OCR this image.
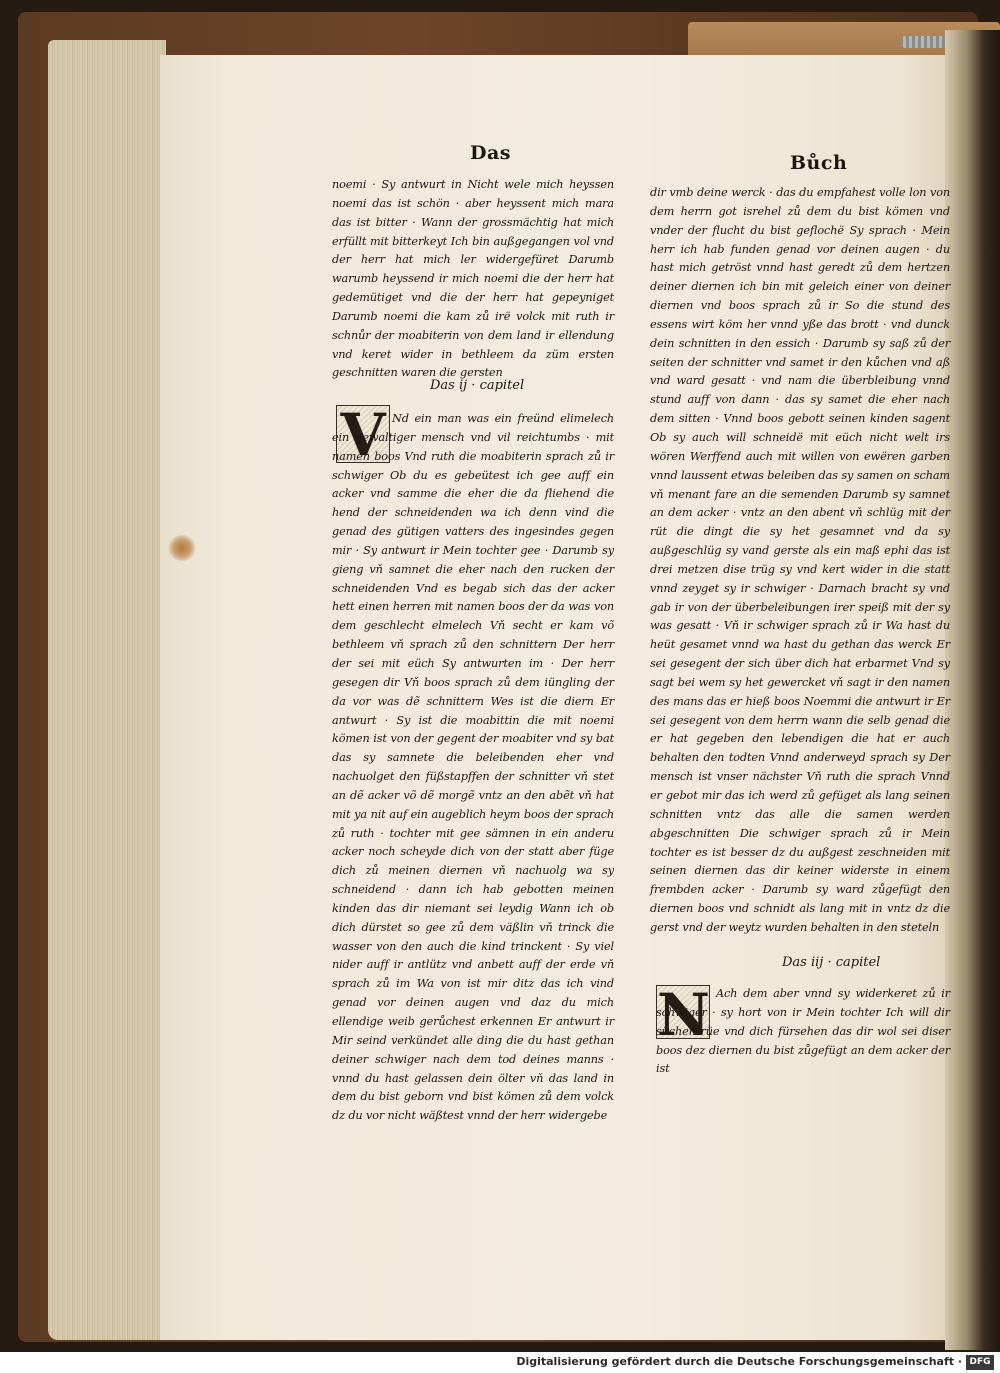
Das	Bůch
noemi · Sy antwurt in Nicht wele mich heyssen noemi das ist schön · aber heyssent mich mara das ist bitter · Wann der grossmächtig hat mich erfüllt mit bitterkeyt Ich bin außgegangen vol vnd der herr hat mich ler widergefüret Darumb warumb heyssend ir mich noemi die der herr hat gedemütiget vnd die der herr hat gepeyniget Darumb noemi die kam zů irë volck mit ruth ir schnůr der moabiterin von dem land ir ellendung vnd keret wider in bethleem da züm ersten geschnitten waren die gersten
Das ij · capitel
V Nd ein man was ein freünd elimelech ein gewaltiger mensch vnd vil reichtumbs · mit namen boos Vnd ruth die moabiterin sprach zů ir schwiger Ob du es gebeütest ich gee auff ein acker vnd samme die eher die da fliehend die hend der schneidenden wa ich denn vind die genad des gütigen vatters des ingesindes gegen mir · Sy antwurt ir Mein tochter gee · Darumb sy gieng vň samnet die eher nach den rucken der schneidenden Vnd es begab sich das der acker hett einen herren mit namen boos der da was von dem geschlecht elmelech Vň secht er kam võ bethleem vň sprach zů den schnittern Der herr der sei mit eüch Sy antwurten im · Der herr gesegen dir Vň boos sprach zů dem iüngling der da vor was dẽ schnittern Wes ist die diern Er antwurt · Sy ist die moabittin die mit noemi kömen ist von der gegent der moabiter vnd sy bat das sy samnete die beleibenden eher vnd nachuolget den füßstapffen der schnitter vň stet an dẽ acker võ dẽ morgẽ vntz an den abẽt vň hat mit ya nit auf ein augeblich heym boos der sprach zů ruth · tochter mit gee sämnen in ein anderu acker noch scheyde dich von der statt aber füge dich zů meinen diernen vň nachuolg wa sy schneidend · dann ich hab gebotten meinen kinden das dir niemant sei leydig Wann ich ob dich dürstet so gee zů dem väßlin vň trinck die wasser von den auch die kind trinckent · Sy viel nider auff ir antlütz vnd anbett auff der erde vň sprach zů im Wa von ist mir ditz das ich vind genad vor deinen augen vnd daz du mich ellendige weib gerůchest erkennen Er antwurt ir Mir seind verkündet alle ding die du hast gethan deiner schwiger nach dem tod deines manns · vnnd du hast gelassen dein ölter vň das land in dem du bist geborn vnd bist kömen zů dem volck dz du vor nicht wäßtest vnnd der herr widergebe
dir vmb deine werck · das du empfahest volle lon von dem herrn got isrehel zů dem du bist kömen vnd vnder der flucht du bist geflochë Sy sprach · Mein herr ich hab funden genad vor deinen augen · du hast mich getröst vnnd hast geredt zů dem hertzen deiner diernen ich bin mit geleich einer von deiner diernen vnd boos sprach zů ir So die stund des essens wirt köm her vnnd yße das brott · vnd dunck dein schnitten in den essich · Darumb sy saß zů der seiten der schnitter vnd samet ir den kůchen vnd aß vnd ward gesatt · vnd nam die überbleibung vnnd stund auff von dann · das sy samet die eher nach dem sitten · Vnnd boos gebott seinen kinden sagent Ob sy auch will schneidë mit eüch nicht welt irs wören Werffend auch mit willen von ewëren garben vnnd laussent etwas beleiben das sy samen on scham vň menant fare an die semenden Darumb sy samnet an dem acker · vntz an den abent vň schlüg mit der rüt die dingt die sy het gesamnet vnd da sy außgeschlüg sy vand gerste als ein maß ephi das ist drei metzen dise trüg sy vnd kert wider in die statt vnnd zeyget sy ir schwiger · Darnach bracht sy vnd gab ir von der überbeleibungen irer speiß mit der sy was gesatt · Vň ir schwiger sprach zů ir Wa hast du heüt gesamet vnnd wa hast du gethan das werck Er sei gesegent der sich über dich hat erbarmet Vnd sy sagt bei wem sy het gewercket vň sagt ir den namen des mans das er hieß boos Noemmi die antwurt ir Er sei gesegent von dem herrn wann die selb genad die er hat gegeben den lebendigen die hat er auch behalten den todten Vnnd anderweyd sprach sy Der mensch ist vnser nächster Vň ruth die sprach Vnnd er gebot mir das ich werd zů gefüget als lang seinen schnitten vntz das alle die samen werden abgeschnitten Die schwiger sprach zů ir Mein tochter es ist besser dz du außgest zeschneiden mit seinen diernen das dir keiner widerste in einem frembden acker · Darumb sy ward zůgefügt den diernen boos vnd schnidt als lang mit in vntz dz die gerst vnd der weytz wurden behalten in den steteln
Das iij · capitel
N Ach dem aber vnnd sy widerkeret zů ir schwiger · sy hort von ir Mein tochter Ich will dir süchen rüe vnd dich fürsehen das dir wol sei diser boos dez diernen du bist zůgefügt an dem acker der ist
Digitalisierung gefördert durch die Deutsche Forschungsgemeinschaft · DFG
